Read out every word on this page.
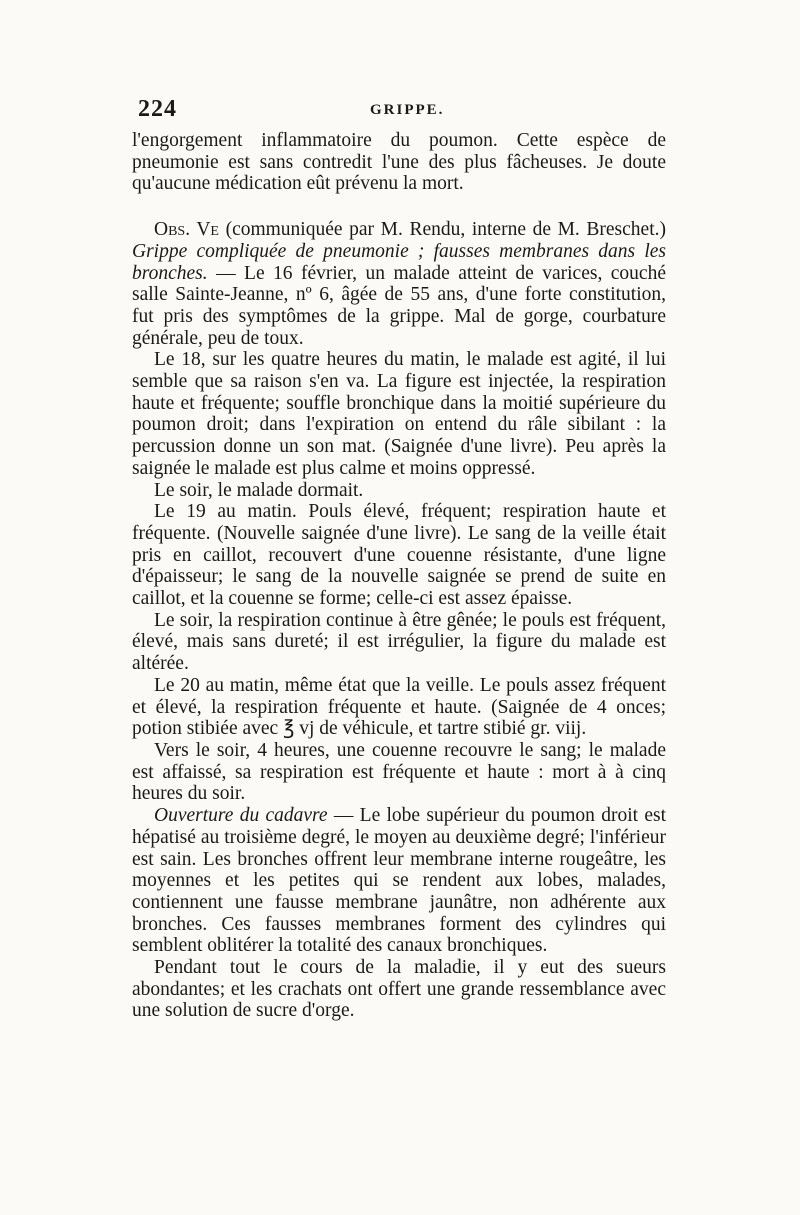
224	GRIPPE.

l'engorgement inflammatoire du poumon. Cette espèce de pneumonie est sans contredit l'une des plus fâcheuses. Je doute qu'aucune médication eût prévenu la mort.

Obs. Ve (communiquée par M. Rendu, interne de M. Breschet.) Grippe compliquée de pneumonie ; fausses membranes dans les bronches. — Le 16 février, un malade atteint de varices, couché salle Sainte-Jeanne, nº 6, âgée de 55 ans, d'une forte constitution, fut pris des symptômes de la grippe. Mal de gorge, courbature générale, peu de toux.

Le 18, sur les quatre heures du matin, le malade est agité, il lui semble que sa raison s'en va. La figure est injectée, la respiration haute et fréquente; souffle bronchique dans la moitié supérieure du poumon droit; dans l'expiration on entend du râle sibilant : la percussion donne un son mat. (Saignée d'une livre). Peu après la saignée le malade est plus calme et moins oppressé.

Le soir, le malade dormait.

Le 19 au matin. Pouls élevé, fréquent; respiration haute et fréquente. (Nouvelle saignée d'une livre). Le sang de la veille était pris en caillot, recouvert d'une couenne résistante, d'une ligne d'épaisseur; le sang de la nouvelle saignée se prend de suite en caillot, et la couenne se forme; celle-ci est assez épaisse.

Le soir, la respiration continue à être gênée; le pouls est fréquent, élevé, mais sans dureté; il est irrégulier, la figure du malade est altérée.

Le 20 au matin, même état que la veille. Le pouls assez fréquent et élevé, la respiration fréquente et haute. (Saignée de 4 onces; potion stibiée avec ℥ vj de véhicule, et tartre stibié gr. viij.

Vers le soir, 4 heures, une couenne recouvre le sang; le malade est affaissé, sa respiration est fréquente et haute : mort à à cinq heures du soir.

Ouverture du cadavre — Le lobe supérieur du poumon droit est hépatisé au troisième degré, le moyen au deuxième degré; l'inférieur est sain. Les bronches offrent leur membrane interne rougeâtre, les moyennes et les petites qui se rendent aux lobes, malades, contiennent une fausse membrane jaunâtre, non adhérente aux bronches. Ces fausses membranes forment des cylindres qui semblent oblitérer la totalité des canaux bronchiques.

Pendant tout le cours de la maladie, il y eut des sueurs abondantes; et les crachats ont offert une grande ressemblance avec une solution de sucre d'orge.
